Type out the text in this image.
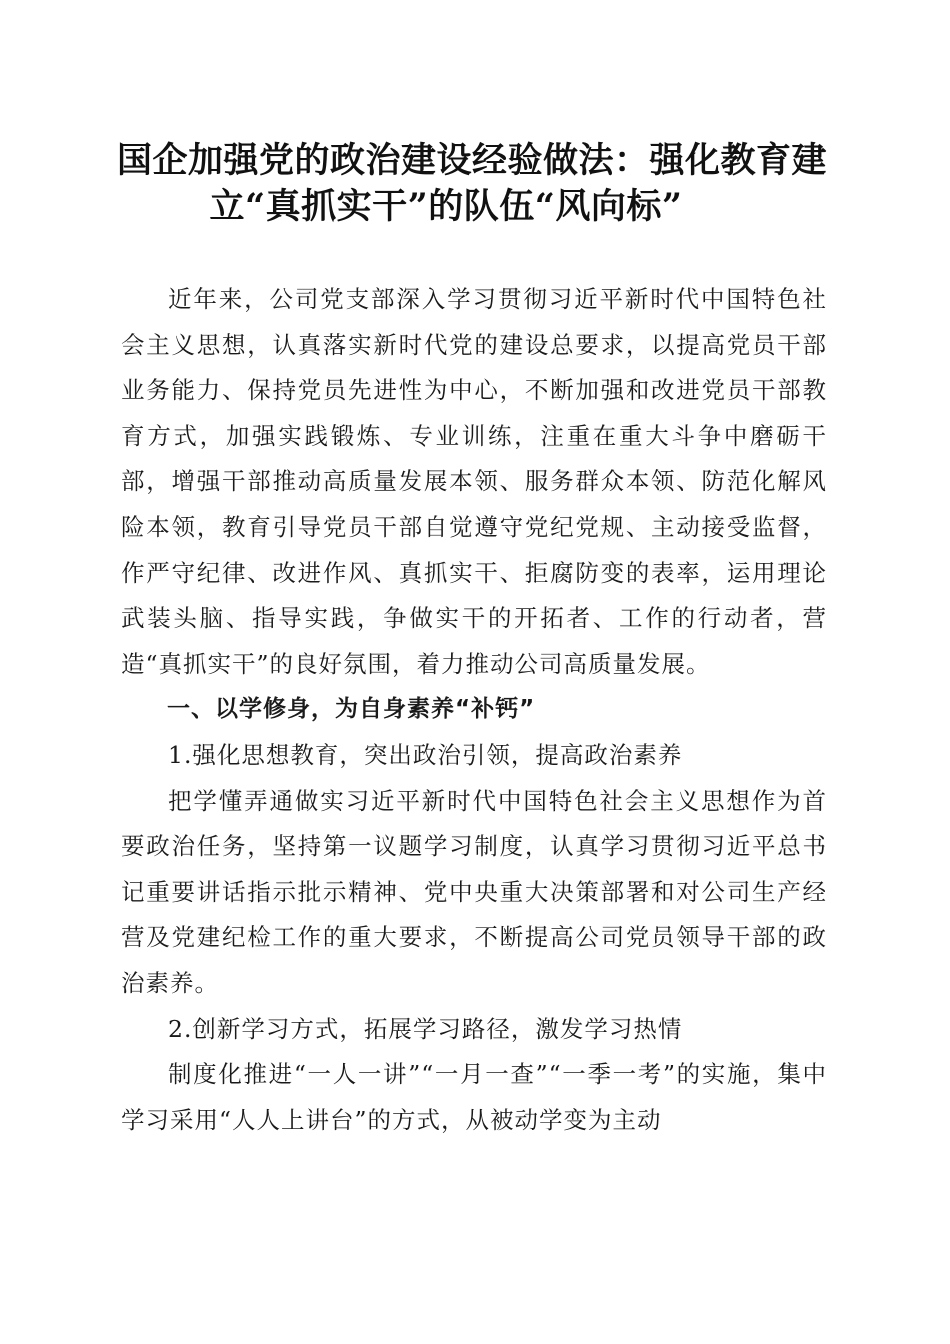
国企加强党的政治建设经验做法：强化教育建
立“真抓实干”的队伍“风向标”

近年来，公司党支部深入学习贯彻习近平新时代中国特色社会主义思想，认真落实新时代党的建设总要求，以提高党员干部业务能力、保持党员先进性为中心，不断加强和改进党员干部教育方式，加强实践锻炼、专业训练，注重在重大斗争中磨砺干部，增强干部推动高质量发展本领、服务群众本领、防范化解风险本领，教育引导党员干部自觉遵守党纪党规、主动接受监督，作严守纪律、改进作风、真抓实干、拒腐防变的表率，运用理论武装头脑、指导实践，争做实干的开拓者、工作的行动者，营造“真抓实干”的良好氛围，着力推动公司高质量发展。

一、以学修身，为自身素养“补钙”

1.强化思想教育，突出政治引领，提高政治素养

把学懂弄通做实习近平新时代中国特色社会主义思想作为首要政治任务，坚持第一议题学习制度，认真学习贯彻习近平总书记重要讲话指示批示精神、党中央重大决策部署和对公司生产经营及党建纪检工作的重大要求，不断提高公司党员领导干部的政治素养。

2.创新学习方式，拓展学习路径，激发学习热情

制度化推进“一人一讲”“一月一查”“一季一考”的实施，集中学习采用“人人上讲台”的方式，从被动学变为主动
